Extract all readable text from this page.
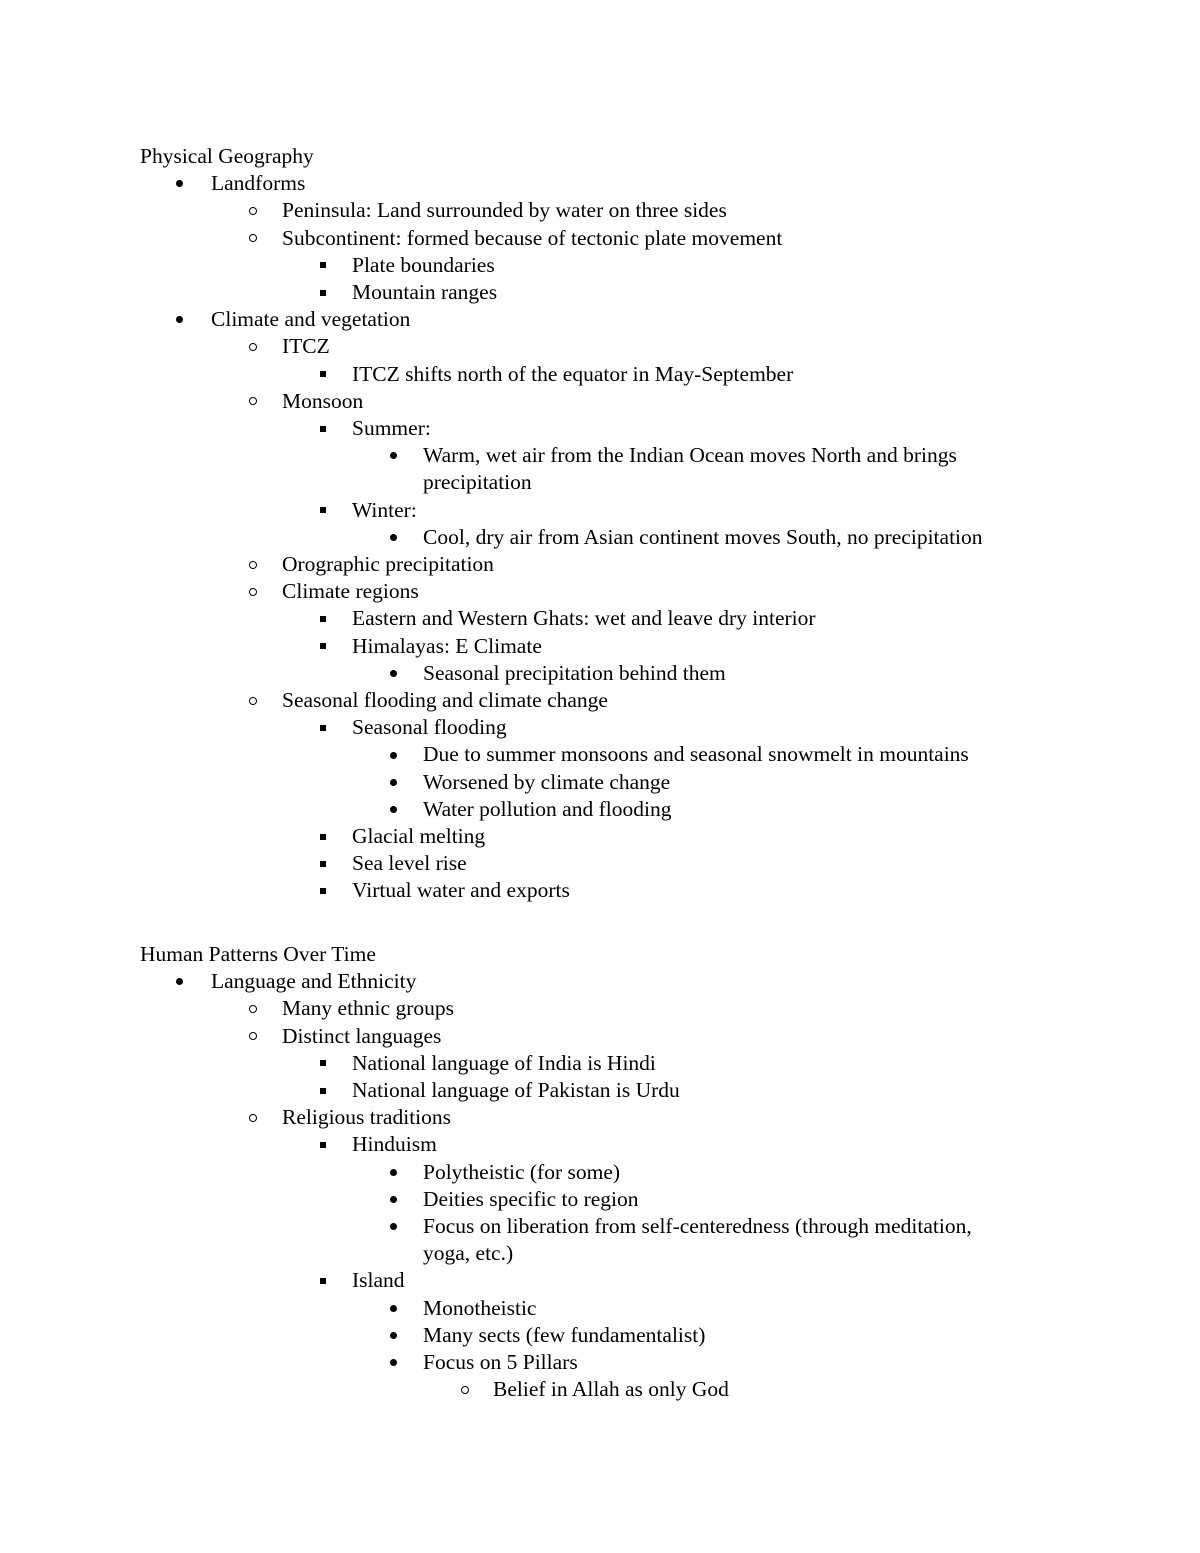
Physical Geography
Landforms
Peninsula: Land surrounded by water on three sides
Subcontinent: formed because of tectonic plate movement
Plate boundaries
Mountain ranges
Climate and vegetation
ITCZ
ITCZ shifts north of the equator in May-September
Monsoon
Summer:
Warm, wet air from the Indian Ocean moves North and brings
precipitation
Winter:
Cool, dry air from Asian continent moves South, no precipitation
Orographic precipitation
Climate regions
Eastern and Western Ghats: wet and leave dry interior
Himalayas: E Climate
Seasonal precipitation behind them
Seasonal flooding and climate change
Seasonal flooding
Due to summer monsoons and seasonal snowmelt in mountains
Worsened by climate change
Water pollution and flooding
Glacial melting
Sea level rise
Virtual water and exports
Human Patterns Over Time
Language and Ethnicity
Many ethnic groups
Distinct languages
National language of India is Hindi
National language of Pakistan is Urdu
Religious traditions
Hinduism
Polytheistic (for some)
Deities specific to region
Focus on liberation from self-centeredness (through meditation,
yoga, etc.)
Island
Monotheistic
Many sects (few fundamentalist)
Focus on 5 Pillars
Belief in Allah as only God
